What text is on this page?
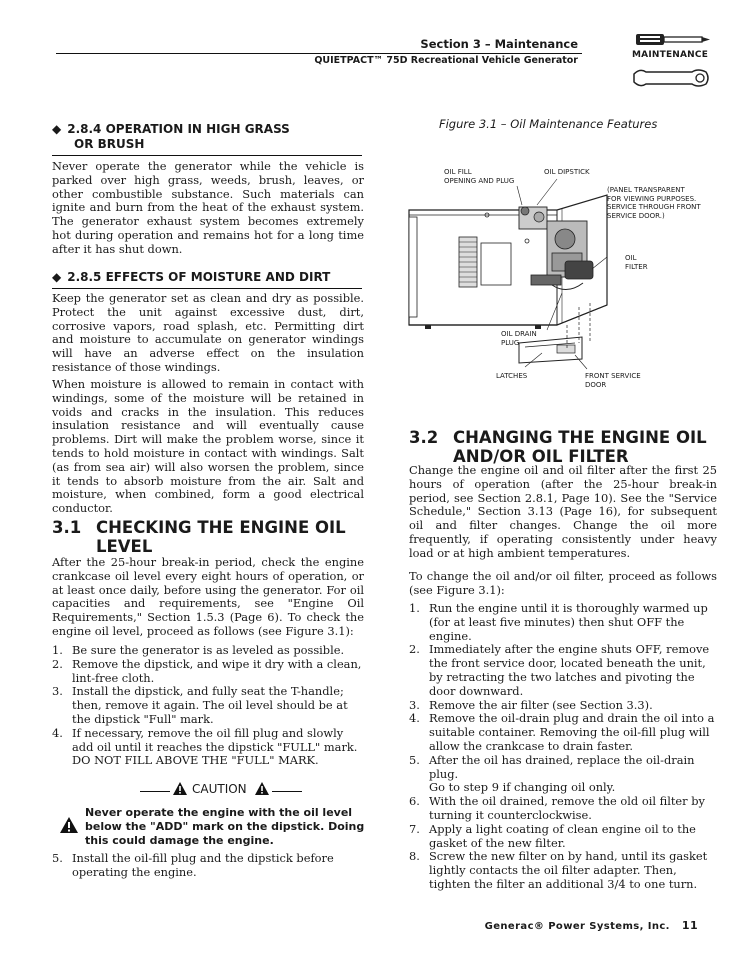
Section 3 – Maintenance
QUIETPACT™ 75D Recreational Vehicle Generator	MAINTENANCE
◆ 2.8.4 OPERATION IN HIGH GRASS
OR BRUSH
Never operate the generator while the vehicle is parked over high grass, weeds, brush, leaves, or other combustible substance. Such materials can ignite and burn from the heat of the exhaust system. The generator exhaust system becomes extremely hot during operation and remains hot for a long time after it has shut down.
◆ 2.8.5 EFFECTS OF MOISTURE AND DIRT
Keep the generator set as clean and dry as possible. Protect the unit against excessive dust, dirt, corrosive vapors, road splash, etc. Permitting dirt and moisture to accumulate on generator windings will have an adverse effect on the insulation resistance of those windings.
When moisture is allowed to remain in contact with windings, some of the moisture will be retained in voids and cracks in the insulation. This reduces insulation resistance and will eventually cause problems. Dirt will make the problem worse, since it tends to hold moisture in contact with windings. Salt (as from sea air) will also worsen the problem, since it tends to absorb moisture from the air. Salt and moisture, when combined, form a good electrical conductor.
3.1 CHECKING THE ENGINE OIL
LEVEL
After the 25-hour break-in period, check the engine crankcase oil level every eight hours of operation, or at least once daily, before using the generator. For oil capacities and requirements, see "Engine Oil Requirements," Section 1.5.3 (Page 6). To check the engine oil level, proceed as follows (see Figure 3.1):
1. Be sure the generator is as leveled as possible.
2. Remove the dipstick, and wipe it dry with a clean, lint-free cloth.
3. Install the dipstick, and fully seat the T-handle; then, remove it again. The oil level should be at the dipstick "Full" mark.
4. If necessary, remove the oil fill plug and slowly add oil until it reaches the dipstick "FULL" mark. DO NOT FILL ABOVE THE "FULL" MARK.
CAUTION
Never operate the engine with the oil level below the "ADD" mark on the dipstick. Doing this could damage the engine.
5. Install the oil-fill plug and the dipstick before operating the engine.
Figure 3.1 – Oil Maintenance Features
OIL FILL
OPENING AND PLUG
OIL DIPSTICK
(PANEL TRANSPARENT
FOR VIEWING PURPOSES.
SERVICE THROUGH FRONT
SERVICE DOOR.)
OIL
FILTER
OIL DRAIN
PLUG
LATCHES	FRONT SERVICE
DOOR
3.2 CHANGING THE ENGINE OIL
AND/OR OIL FILTER
Change the engine oil and oil filter after the first 25 hours of operation (after the 25-hour break-in period, see Section 2.8.1, Page 10). See the "Service Schedule," Section 3.13 (Page 16), for subsequent oil and filter changes. Change the oil more frequently, if operating consistently under heavy load or at high ambient temperatures.
To change the oil and/or oil filter, proceed as follows (see Figure 3.1):
1. Run the engine until it is thoroughly warmed up (for at least five minutes) then shut OFF the engine.
2. Immediately after the engine shuts OFF, remove the front service door, located beneath the unit, by retracting the two latches and pivoting the door downward.
3. Remove the air filter (see Section 3.3).
4. Remove the oil-drain plug and drain the oil into a suitable container. Removing the oil-fill plug will allow the crankcase to drain faster.
5. After the oil has drained, replace the oil-drain plug.
Go to step 9 if changing oil only.
6. With the oil drained, remove the old oil filter by turning it counterclockwise.
7. Apply a light coating of clean engine oil to the gasket of the new filter.
8. Screw the new filter on by hand, until its gasket lightly contacts the oil filter adapter. Then, tighten the filter an additional 3/4 to one turn.
Generac® Power Systems, Inc. 11
